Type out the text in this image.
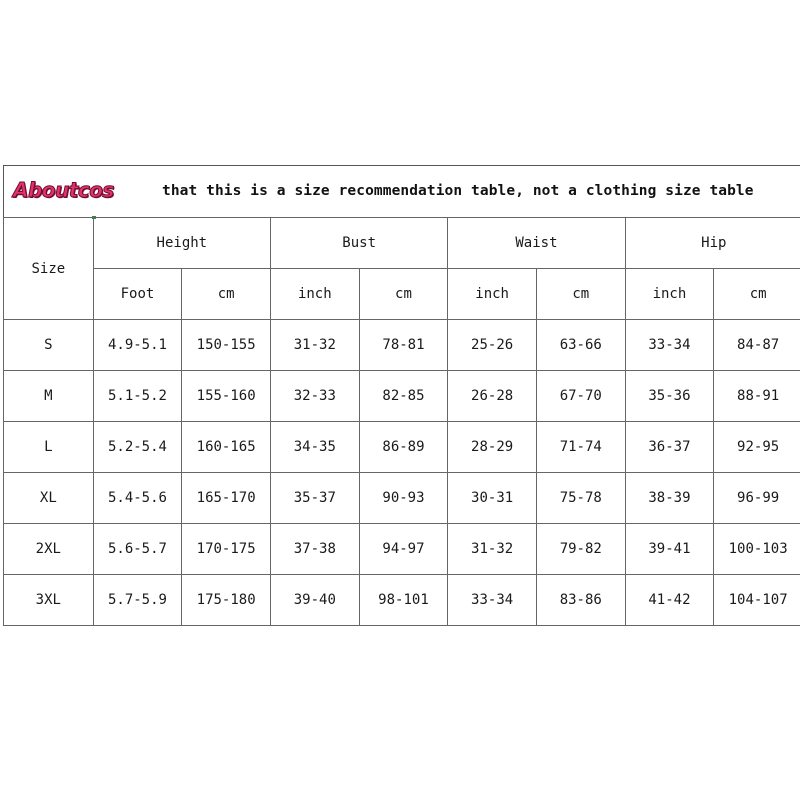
Aboutcos	that this is a size recommendation table, not a clothing size table
Size	Height		Bust		Waist		Hip	
	Foot	cm	inch	cm	inch	cm	inch	cm
S	4.9-5.1	150-155	31-32	78-81	25-26	63-66	33-34	84-87
M	5.1-5.2	155-160	32-33	82-85	26-28	67-70	35-36	88-91
L	5.2-5.4	160-165	34-35	86-89	28-29	71-74	36-37	92-95
XL	5.4-5.6	165-170	35-37	90-93	30-31	75-78	38-39	96-99
2XL	5.6-5.7	170-175	37-38	94-97	31-32	79-82	39-41	100-103
3XL	5.7-5.9	175-180	39-40	98-101	33-34	83-86	41-42	104-107
